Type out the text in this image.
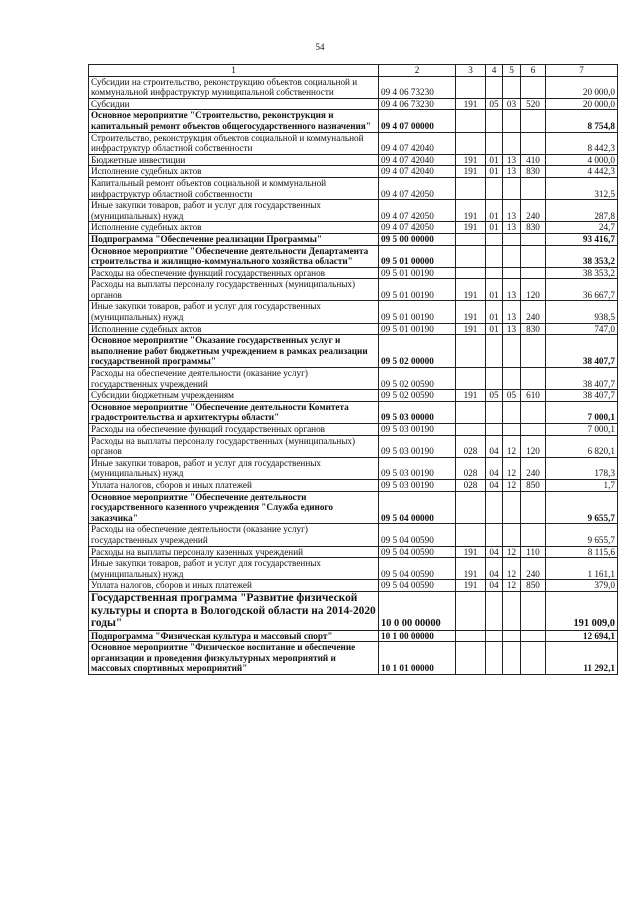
54
1	2	3	4	5	6	7
Субсидии на строительство, реконструкцию объектов социальной и коммунальной инфраструктур муниципальной собственности	09 4 06 73230					20 000,0
Субсидии	09 4 06 73230	191	05	03	520	20 000,0
Основное мероприятие "Строительство, реконструкция и капитальный ремонт объектов общегосударственного назначения"	09 4 07 00000					8 754,8
Строительство, реконструкция объектов социальной и коммунальной инфраструктур областной собственности	09 4 07 42040					8 442,3
Бюджетные инвестиции	09 4 07 42040	191	01	13	410	4 000,0
Исполнение судебных актов	09 4 07 42040	191	01	13	830	4 442,3
Капитальный ремонт объектов социальной и коммунальной инфраструктур областной собственности	09 4 07 42050					312,5
Иные закупки товаров, работ и услуг для государственных (муниципальных) нужд	09 4 07 42050	191	01	13	240	287,8
Исполнение судебных актов	09 4 07 42050	191	01	13	830	24,7
Подпрограмма "Обеспечение реализации Программы"	09 5 00 00000					93 416,7
Основное мероприятие "Обеспечение деятельности Департамента строительства и жилищно-коммунального хозяйства области"	09 5 01 00000					38 353,2
Расходы на обеспечение функций государственных органов	09 5 01 00190					38 353,2
Расходы на выплаты персоналу государственных (муниципальных) органов	09 5 01 00190	191	01	13	120	36 667,7
Иные закупки товаров, работ и услуг для государственных (муниципальных) нужд	09 5 01 00190	191	01	13	240	938,5
Исполнение судебных актов	09 5 01 00190	191	01	13	830	747,0
Основное мероприятие "Оказание государственных услуг и выполнение работ бюджетным учреждением в рамках реализации государственной программы"	09 5 02 00000					38 407,7
Расходы на обеспечение деятельности (оказание услуг) государственных учреждений	09 5 02 00590					38 407,7
Субсидии бюджетным учреждениям	09 5 02 00590	191	05	05	610	38 407,7
Основное мероприятие "Обеспечение деятельности Комитета градостроительства и архитектуры области"	09 5 03 00000					7 000,1
Расходы на обеспечение функций государственных органов	09 5 03 00190					7 000,1
Расходы на выплаты персоналу государственных (муниципальных) органов	09 5 03 00190	028	04	12	120	6 820,1
Иные закупки товаров, работ и услуг для государственных (муниципальных) нужд	09 5 03 00190	028	04	12	240	178,3
Уплата налогов, сборов и иных платежей	09 5 03 00190	028	04	12	850	1,7
Основное мероприятие "Обеспечение деятельности государственного казенного учреждения "Служба единого заказчика"	09 5 04 00000					9 655,7
Расходы на обеспечение деятельности (оказание услуг) государственных учреждений	09 5 04 00590					9 655,7
Расходы на выплаты персоналу казенных учреждений	09 5 04 00590	191	04	12	110	8 115,6
Иные закупки товаров, работ и услуг для государственных (муниципальных) нужд	09 5 04 00590	191	04	12	240	1 161,1
Уплата налогов, сборов и иных платежей	09 5 04 00590	191	04	12	850	379,0
Государственная программа "Развитие физической культуры и спорта в Вологодской области на 2014-2020 годы"	10 0 00 00000					191 009,0
Подпрограмма "Физическая культура и массовый спорт"	10 1 00 00000					12 694,1
Основное мероприятие "Физическое воспитание и обеспечение организации и проведения физкультурных мероприятий и массовых спортивных мероприятий"	10 1 01 00000					11 292,1
